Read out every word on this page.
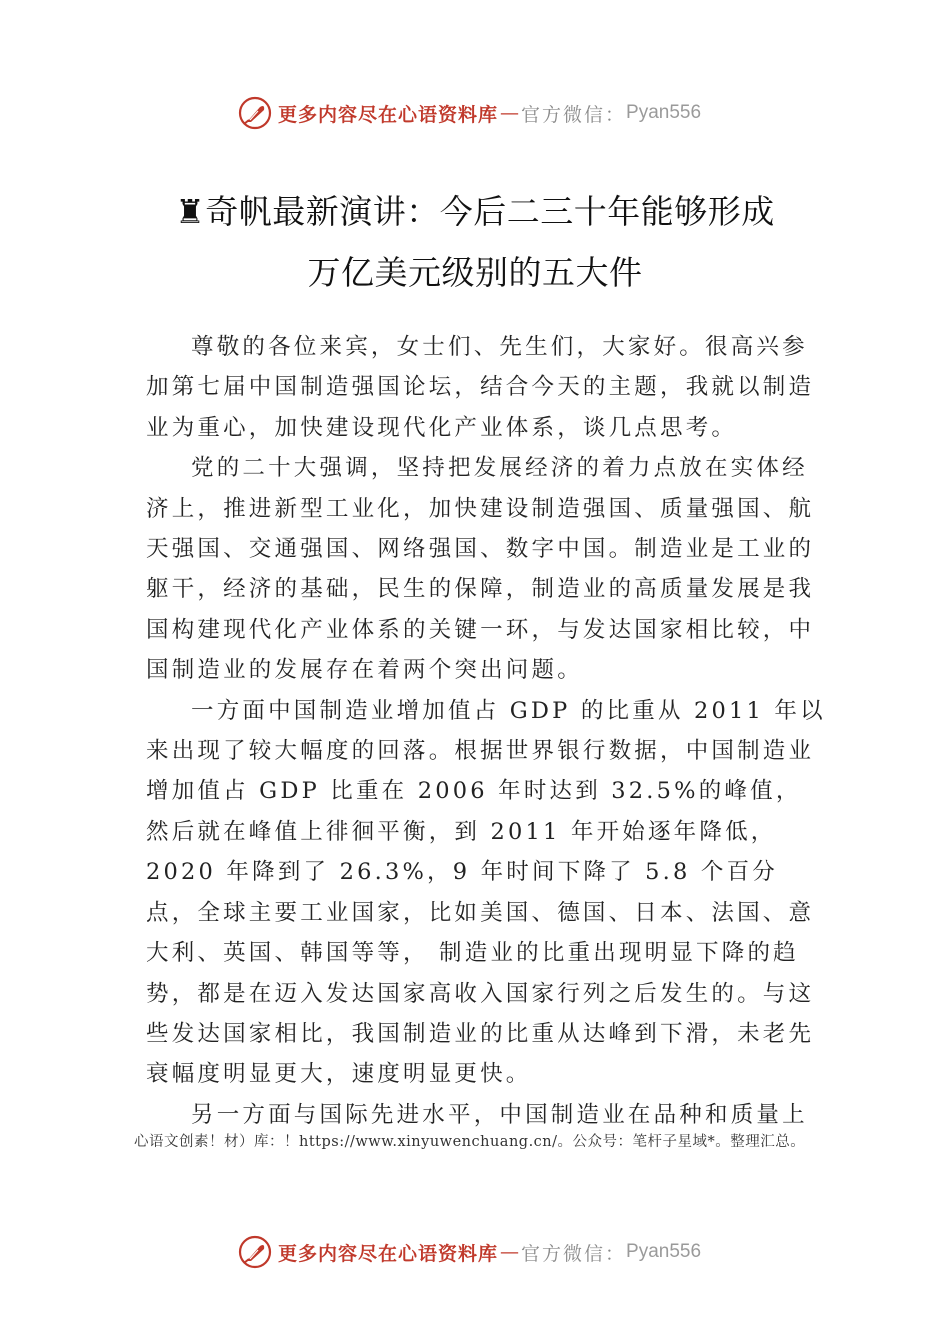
更多内容尽在心语资料库 — 官方微信： Pyan556
♜奇帆最新演讲：今后二三十年能够形成
万亿美元级别的五大件

尊敬的各位来宾，女士们、先生们，大家好。很高兴参加第七届中国制造强国论坛，结合今天的主题，我就以制造业为重心，加快建设现代化产业体系，谈几点思考。

党的二十大强调，坚持把发展经济的着力点放在实体经济上，推进新型工业化，加快建设制造强国、质量强国、航天强国、交通强国、网络强国、数字中国。制造业是工业的躯干，经济的基础，民生的保障，制造业的高质量发展是我国构建现代化产业体系的关键一环，与发达国家相比较，中国制造业的发展存在着两个突出问题。

一方面中国制造业增加值占 GDP 的比重从 2011 年以来出现了较大幅度的回落。根据世界银行数据，中国制造业增加值占 GDP 比重在 2006 年时达到 32.5%的峰值，然后就在峰值上徘徊平衡，到 2011 年开始逐年降低，2020 年降到了 26.3%，9 年时间下降了 5.8 个百分点，全球主要工业国家，比如美国、德国、日本、法国、意大利、英国、韩国等等， 制造业的比重出现明显下降的趋势，都是在迈入发达国家高收入国家行列之后发生的。与这些发达国家相比，我国制造业的比重从达峰到下滑，未老先衰幅度明显更大，速度明显更快。

另一方面与国际先进水平，中国制造业在品种和质量上

心语文创素！材）库：！https://www.xinyuwenchuang.cn/。公众号：笔杆子星域*。整理汇总。
更多内容尽在心语资料库 — 官方微信： Pyan556
